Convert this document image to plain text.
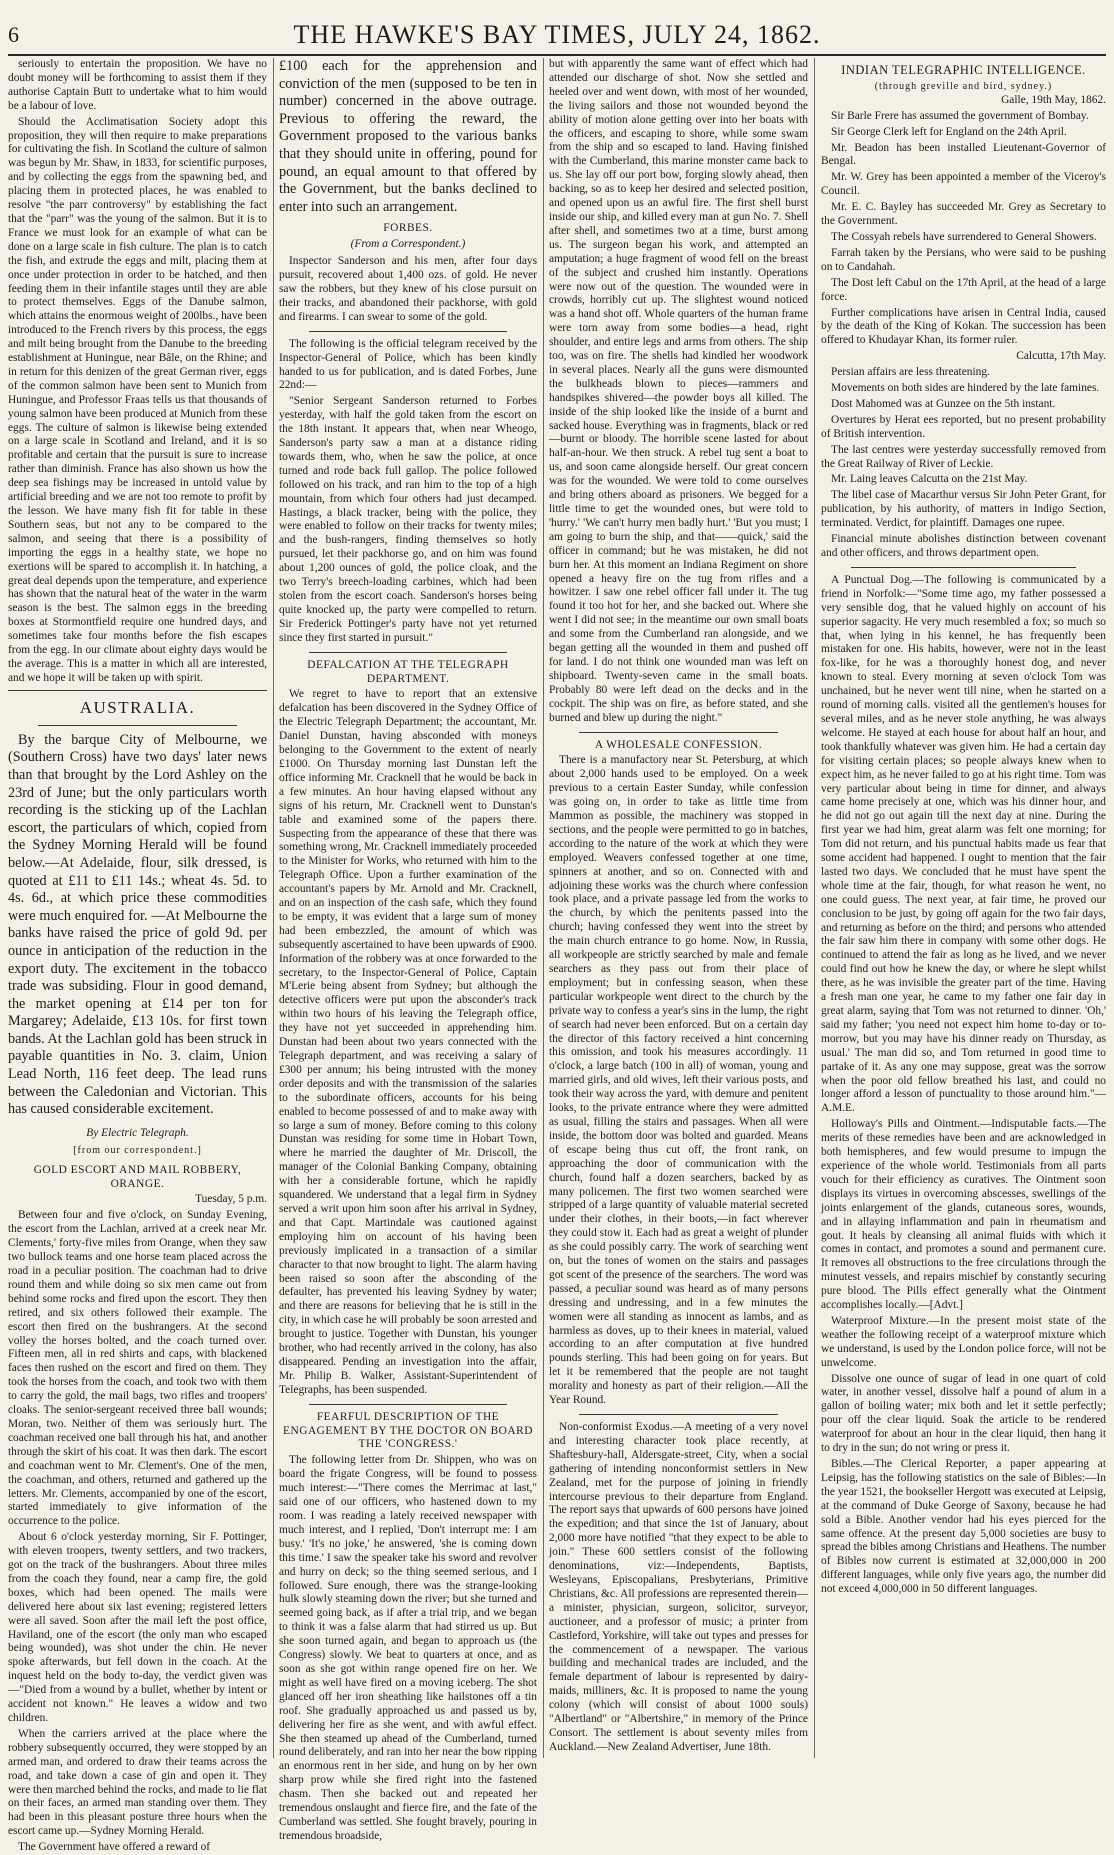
6	THE HAWKE'S BAY TIMES, JULY 24, 1862.

seriously to entertain the proposition. We have no doubt money will be forthcoming to assist them if they authorise Captain Butt to undertake what to him would be a labour of love.

Should the Acclimatisation Society adopt this proposition, they will then require to make preparations for cultivating the fish. In Scotland the culture of salmon was begun by Mr. Shaw, in 1833, for scientific purposes, and by collecting the eggs from the spawning bed, and placing them in protected places, he was enabled to resolve "the parr controversy" by establishing the fact that the "parr" was the young of the salmon. But it is to France we must look for an example of what can be done on a large scale in fish culture. The plan is to catch the fish, and extrude the eggs and milt, placing them at once under protection in order to be hatched, and then feeding them in their infantile stages until they are able to protect themselves. Eggs of the Danube salmon, which attains the enormous weight of 200lbs., have been introduced to the French rivers by this process, the eggs and milt being brought from the Danube to the breeding establishment at Huningue, near Bâle, on the Rhine; and in return for this denizen of the great German river, eggs of the common salmon have been sent to Munich from Huningue, and Professor Fraas tells us that thousands of young salmon have been produced at Munich from these eggs. The culture of salmon is likewise being extended on a large scale in Scotland and Ireland, and it is so profitable and certain that the pursuit is sure to increase rather than diminish. France has also shown us how the deep sea fishings may be increased in untold value by artificial breeding and we are not too remote to profit by the lesson. We have many fish fit for table in these Southern seas, but not any to be compared to the salmon, and seeing that there is a possibility of importing the eggs in a healthy state, we hope no exertions will be spared to accomplish it. In hatching, a great deal depends upon the temperature, and experience has shown that the natural heat of the water in the warm season is the best. The salmon eggs in the breeding boxes at Stormontfield require one hundred days, and sometimes take four months before the fish escapes from the egg. In our climate about eighty days would be the average. This is a matter in which all are interested, and we hope it will be taken up with spirit.

AUSTRALIA.

By the barque City of Melbourne, we (Southern Cross) have two days' later news than that brought by the Lord Ashley on the 23rd of June; but the only particulars worth recording is the sticking up of the Lachlan escort, the particulars of which, copied from the Sydney Morning Herald will be found below.—At Adelaide, flour, silk dressed, is quoted at £11 to £11 14s.; wheat 4s. 5d. to 4s. 6d., at which price these commodities were much enquired for. —At Melbourne the banks have raised the price of gold 9d. per ounce in anticipation of the reduction in the export duty. The excitement in the tobacco trade was subsiding. Flour in good demand, the market opening at £14 per ton for Margarey; Adelaide, £13 10s. for first town bands. At the Lachlan gold has been struck in payable quantities in No. 3. claim, Union Lead North, 116 feet deep. The lead runs between the Caledonian and Victorian. This has caused considerable excitement.

By Electric Telegraph.
[from our correspondent.]
GOLD ESCORT AND MAIL ROBBERY, ORANGE.

Tuesday, 5 p.m.

Between four and five o'clock, on Sunday Evening, the escort from the Lachlan, arrived at a creek near Mr. Clements,' forty-five miles from Orange, when they saw two bullock teams and one horse team placed across the road in a peculiar position. The coachman had to drive round them and while doing so six men came out from behind some rocks and fired upon the escort. They then retired, and six others followed their example. The escort then fired on the bushrangers. At the second volley the horses bolted, and the coach turned over. Fifteen men, all in red shirts and caps, with blackened faces then rushed on the escort and fired on them. They took the horses from the coach, and took two with them to carry the gold, the mail bags, two rifles and troopers' cloaks. The senior-sergeant received three ball wounds; Moran, two. Neither of them was seriously hurt. The coachman received one ball through his hat, and another through the skirt of his coat. It was then dark. The escort and coachman went to Mr. Clement's. One of the men, the coachman, and others, returned and gathered up the letters. Mr. Clements, accompanied by one of the escort, started immediately to give information of the occurrence to the police.

About 6 o'clock yesterday morning, Sir F. Pottinger, with eleven troopers, twenty settlers, and two trackers, got on the track of the bushrangers. About three miles from the coach they found, near a camp fire, the gold boxes, which had been opened. The mails were delivered here about six last evening; registered letters were all saved. Soon after the mail left the post office, Haviland, one of the escort (the only man who escaped being wounded), was shot under the chin. He never spoke afterwards, but fell down in the coach. At the inquest held on the body to-day, the verdict given was—"Died from a wound by a bullet, whether by intent or accident not known." He leaves a widow and two children.

When the carriers arrived at the place where the robbery subsequently occurred, they were stopped by an armed man, and ordered to draw their teams across the road, and take down a case of gin and open it. They were then marched behind the rocks, and made to lie flat on their faces, an armed man standing over them. They had been in this pleasant posture three hours when the escort came up.—Sydney Morning Herald.

The Government have offered a reward of

£100 each for the apprehension and conviction of the men (supposed to be ten in number) concerned in the above outrage. Previous to offering the reward, the Government proposed to the various banks that they should unite in offering, pound for pound, an equal amount to that offered by the Government, but the banks declined to enter into such an arrangement.

FORBES.
(From a Correspondent.)

Inspector Sanderson and his men, after four days pursuit, recovered about 1,400 ozs. of gold. He never saw the robbers, but they knew of his close pursuit on their tracks, and abandoned their packhorse, with gold and firearms. I can swear to some of the gold.

The following is the official telegram received by the Inspector-General of Police, which has been kindly handed to us for publication, and is dated Forbes, June 22nd:—

"Senior Sergeant Sanderson returned to Forbes yesterday, with half the gold taken from the escort on the 18th instant. It appears that, when near Wheogo, Sanderson's party saw a man at a distance riding towards them, who, when he saw the police, at once turned and rode back full gallop. The police followed followed on his track, and ran him to the top of a high mountain, from which four others had just decamped. Hastings, a black tracker, being with the police, they were enabled to follow on their tracks for twenty miles; and the bush-rangers, finding themselves so hotly pursued, let their packhorse go, and on him was found about 1,200 ounces of gold, the police cloak, and the two Terry's breech-loading carbines, which had been stolen from the escort coach. Sanderson's horses being quite knocked up, the party were compelled to return. Sir Frederick Pottinger's party have not yet returned since they first started in pursuit."

DEFALCATION AT THE TELEGRAPH DEPARTMENT.

We regret to have to report that an extensive defalcation has been discovered in the Sydney Office of the Electric Telegraph Department; the accountant, Mr. Daniel Dunstan, having absconded with moneys belonging to the Government to the extent of nearly £1000. On Thursday morning last Dunstan left the office informing Mr. Cracknell that he would be back in a few minutes. An hour having elapsed without any signs of his return, Mr. Cracknell went to Dunstan's table and examined some of the papers there. Suspecting from the appearance of these that there was something wrong, Mr. Cracknell immediately proceeded to the Minister for Works, who returned with him to the Telegraph Office. Upon a further examination of the accountant's papers by Mr. Arnold and Mr. Cracknell, and on an inspection of the cash safe, which they found to be empty, it was evident that a large sum of money had been embezzled, the amount of which was subsequently ascertained to have been upwards of £900. Information of the robbery was at once forwarded to the secretary, to the Inspector-General of Police, Captain M'Lerie being absent from Sydney; but although the detective officers were put upon the absconder's track within two hours of his leaving the Telegraph office, they have not yet succeeded in apprehending him. Dunstan had been about two years connected with the Telegraph department, and was receiving a salary of £300 per annum; his being intrusted with the money order deposits and with the transmission of the salaries to the subordinate officers, accounts for his being enabled to become possessed of and to make away with so large a sum of money. Before coming to this colony Dunstan was residing for some time in Hobart Town, where he married the daughter of Mr. Driscoll, the manager of the Colonial Banking Company, obtaining with her a considerable fortune, which he rapidly squandered. We understand that a legal firm in Sydney served a writ upon him soon after his arrival in Sydney, and that Capt. Martindale was cautioned against employing him on account of his having been previously implicated in a transaction of a similar character to that now brought to light. The alarm having been raised so soon after the absconding of the defaulter, has prevented his leaving Sydney by water; and there are reasons for believing that he is still in the city, in which case he will probably be soon arrested and brought to justice. Together with Dunstan, his younger brother, who had recently arrived in the colony, has also disappeared. Pending an investigation into the affair, Mr. Philip B. Walker, Assistant-Superintendent of Telegraphs, has been suspended.

FEARFUL DESCRIPTION OF THE ENGAGEMENT BY THE DOCTOR ON BOARD THE 'CONGRESS.'

The following letter from Dr. Shippen, who was on board the frigate Congress, will be found to possess much interest:—"There comes the Merrimac at last," said one of our officers, who hastened down to my room. I was reading a lately received newspaper with much interest, and I replied, 'Don't interrupt me: I am busy.' 'It's no joke,' he answered, 'she is coming down this time.' I saw the speaker take his sword and revolver and hurry on deck; so the thing seemed serious, and I followed. Sure enough, there was the strange-looking hulk slowly steaming down the river; but she turned and seemed going back, as if after a trial trip, and we began to think it was a false alarm that had stirred us up. But she soon turned again, and began to approach us (the Congress) slowly. We beat to quarters at once, and as soon as she got within range opened fire on her. We might as well have fired on a moving iceberg. The shot glanced off her iron sheathing like hailstones off a tin roof. She gradually approached us and passed us by, delivering her fire as she went, and with awful effect. She then steamed up ahead of the Cumberland, turned round deliberately, and ran into her near the bow ripping an enormous rent in her side, and hung on by her own sharp prow while she fired right into the fastened chasm. Then she backed out and repeated her tremendous onslaught and fierce fire, and the fate of the Cumberland was settled. She fought bravely, pouring in tremendous broadside,

but with apparently the same want of effect which had attended our discharge of shot. Now she settled and heeled over and went down, with most of her wounded, the living sailors and those not wounded beyond the ability of motion alone getting over into her boats with the officers, and escaping to shore, while some swam from the ship and so escaped to land. Having finished with the Cumberland, this marine monster came back to us. She lay off our port bow, forging slowly ahead, then backing, so as to keep her desired and selected position, and opened upon us an awful fire. The first shell burst inside our ship, and killed every man at gun No. 7. Shell after shell, and sometimes two at a time, burst among us. The surgeon began his work, and attempted an amputation; a huge fragment of wood fell on the breast of the subject and crushed him instantly. Operations were now out of the question. The wounded were in crowds, horribly cut up. The slightest wound noticed was a hand shot off. Whole quarters of the human frame were torn away from some bodies—a head, right shoulder, and entire legs and arms from others. The ship too, was on fire. The shells had kindled her woodwork in several places. Nearly all the guns were dismounted the bulkheads blown to pieces—rammers and handspikes shivered—the powder boys all killed. The inside of the ship looked like the inside of a burnt and sacked house. Everything was in fragments, black or red—burnt or bloody. The horrible scene lasted for about half-an-hour. We then struck. A rebel tug sent a boat to us, and soon came alongside herself. Our great concern was for the wounded. We were told to come ourselves and bring others aboard as prisoners. We begged for a little time to get the wounded ones, but were told to 'hurry.' 'We can't hurry men badly hurt.' 'But you must; I am going to burn the ship, and that——quick,' said the officer in command; but he was mistaken, he did not burn her. At this moment an Indiana Regiment on shore opened a heavy fire on the tug from rifles and a howitzer. I saw one rebel officer fall under it. The tug found it too hot for her, and she backed out. Where she went I did not see; in the meantime our own small boats and some from the Cumberland ran alongside, and we began getting all the wounded in them and pushed off for land. I do not think one wounded man was left on shipboard. Twenty-seven came in the small boats. Probably 80 were left dead on the decks and in the cockpit. The ship was on fire, as before stated, and she burned and blew up during the night."

A WHOLESALE CONFESSION.

There is a manufactory near St. Petersburg, at which about 2,000 hands used to be employed. On a week previous to a certain Easter Sunday, while confession was going on, in order to take as little time from Mammon as possible, the machinery was stopped in sections, and the people were permitted to go in batches, according to the nature of the work at which they were employed. Weavers confessed together at one time, spinners at another, and so on. Connected with and adjoining these works was the church where confession took place, and a private passage led from the works to the church, by which the penitents passed into the church; having confessed they went into the street by the main church entrance to go home. Now, in Russia, all workpeople are strictly searched by male and female searchers as they pass out from their place of employment; but in confessing season, when these particular workpeople went direct to the church by the private way to confess a year's sins in the lump, the right of search had never been enforced. But on a certain day the director of this factory received a hint concerning this omission, and took his measures accordingly. 11 o'clock, a large batch (100 in all) of woman, young and married girls, and old wives, left their various posts, and took their way across the yard, with demure and penitent looks, to the private entrance where they were admitted as usual, filling the stairs and passages. When all were inside, the bottom door was bolted and guarded. Means of escape being thus cut off, the front rank, on approaching the door of communication with the church, found half a dozen searchers, backed by as many policemen. The first two women searched were stripped of a large quantity of valuable material secreted under their clothes, in their boots,—in fact wherever they could stow it. Each had as great a weight of plunder as she could possibly carry. The work of searching went on, but the tones of women on the stairs and passages got scent of the presence of the searchers. The word was passed, a peculiar sound was heard as of many persons dressing and undressing, and in a few minutes the women were all standing as innocent as lambs, and as harmless as doves, up to their knees in material, valued according to an after computation at five hundred pounds sterling. This had been going on for years. But let it be remembered that the people are not taught morality and honesty as part of their religion.—All the Year Round.

Non-conformist Exodus.—A meeting of a very novel and interesting character took place recently, at Shaftesbury-hall, Aldersgate-street, City, when a social gathering of intending nonconformist settlers in New Zealand, met for the purpose of joining in friendly intercourse previous to their departure from England. The report says that upwards of 600 persons have joined the expedition; and that since the 1st of January, about 2,000 more have notified "that they expect to be able to join." These 600 settlers consist of the following denominations, viz:—Independents, Baptists, Wesleyans, Episcopalians, Presbyterians, Primitive Christians, &c. All professions are represented therein—a minister, physician, surgeon, solicitor, surveyor, auctioneer, and a professor of music; a printer from Castleford, Yorkshire, will take out types and presses for the commencement of a newspaper. The various building and mechanical trades are included, and the female department of labour is represented by dairy-maids, milliners, &c. It is proposed to name the young colony (which will consist of about 1000 souls) "Albertland" or "Albertshire," in memory of the Prince Consort. The settlement is about seventy miles from Auckland.—New Zealand Advertiser, June 18th.

INDIAN TELEGRAPHIC INTELLIGENCE.
(through greville and bird, sydney.)

Galle, 19th May, 1862.

Sir Barle Frere has assumed the government of Bombay.

Sir George Clerk left for England on the 24th April.

Mr. Beadon has been installed Lieutenant-Governor of Bengal.

Mr. W. Grey has been appointed a member of the Viceroy's Council.

Mr. E. C. Bayley has succeeded Mr. Grey as Secretary to the Government.

The Cossyah rebels have surrendered to General Showers.

Farrah taken by the Persians, who were said to be pushing on to Candahah.

The Dost left Cabul on the 17th April, at the head of a large force.

Further complications have arisen in Central India, caused by the death of the King of Kokan. The succession has been offered to Khudayar Khan, its former ruler.

Calcutta, 17th May.

Persian affairs are less threatening.

Movements on both sides are hindered by the late famines.

Dost Mahomed was at Gunzee on the 5th instant.

Overtures by Herat ees reported, but no present probability of British intervention.

The last centres were yesterday successfully removed from the Great Railway of River of Leckie.

Mr. Laing leaves Calcutta on the 21st May.

The libel case of Macarthur versus Sir John Peter Grant, for publication, by his authority, of matters in Indigo Section, terminated. Verdict, for plaintiff. Damages one rupee.

Financial minute abolishes distinction between covenant and other officers, and throws department open.

A Punctual Dog.—The following is communicated by a friend in Norfolk:—"Some time ago, my father possessed a very sensible dog, that he valued highly on account of his superior sagacity. He very much resembled a fox; so much so that, when lying in his kennel, he has frequently been mistaken for one. His habits, however, were not in the least fox-like, for he was a thoroughly honest dog, and never known to steal. Every morning at seven o'clock Tom was unchained, but he never went till nine, when he started on a round of morning calls. visited all the gentlemen's houses for several miles, and as he never stole anything, he was always welcome. He stayed at each house for about half an hour, and took thankfully whatever was given him. He had a certain day for visiting certain places; so people always knew when to expect him, as he never failed to go at his right time. Tom was very particular about being in time for dinner, and always came home precisely at one, which was his dinner hour, and he did not go out again till the next day at nine. During the first year we had him, great alarm was felt one morning; for Tom did not return, and his punctual habits made us fear that some accident had happened. I ought to mention that the fair lasted two days. We concluded that he must have spent the whole time at the fair, though, for what reason he went, no one could guess. The next year, at fair time, he proved our conclusion to be just, by going off again for the two fair days, and returning as before on the third; and persons who attended the fair saw him there in company with some other dogs. He continued to attend the fair as long as he lived, and we never could find out how he knew the day, or where he slept whilst there, as he was invisible the greater part of the time. Having a fresh man one year, he came to my father one fair day in great alarm, saying that Tom was not returned to dinner. 'Oh,' said my father; 'you need not expect him home to-day or to-morrow, but you may have his dinner ready on Thursday, as usual.' The man did so, and Tom returned in good time to partake of it. As any one may suppose, great was the sorrow when the poor old fellow breathed his last, and could no longer afford a lesson of punctuality to those around him."—A.M.E.

Holloway's Pills and Ointment.—Indisputable facts.—The merits of these remedies have been and are acknowledged in both hemispheres, and few would presume to impugn the experience of the whole world. Testimonials from all parts vouch for their efficiency as curatives. The Ointment soon displays its virtues in overcoming abscesses, swellings of the joints enlargement of the glands, cutaneous sores, wounds, and in allaying inflammation and pain in rheumatism and gout. It heals by cleansing all animal fluids with which it comes in contact, and promotes a sound and permanent cure. It removes all obstructions to the free circulations through the minutest vessels, and repairs mischief by constantly securing pure blood. The Pills effect generally what the Ointment accomplishes locally.—[Advt.]

Waterproof Mixture.—In the present moist state of the weather the following receipt of a waterproof mixture which we understand, is used by the London police force, will not be unwelcome.

Dissolve one ounce of sugar of lead in one quart of cold water, in another vessel, dissolve half a pound of alum in a gallon of boiling water; mix both and let it settle perfectly; pour off the clear liquid. Soak the article to be rendered waterproof for about an hour in the clear liquid, then hang it to dry in the sun; do not wring or press it.

Bibles.—The Clerical Reporter, a paper appearing at Leipsig, has the following statistics on the sale of Bibles:—In the year 1521, the bookseller Hergott was executed at Leipsig, at the command of Duke George of Saxony, because he had sold a Bible. Another vendor had his eyes pierced for the same offence. At the present day 5,000 societies are busy to spread the bibles among Christians and Heathens. The number of Bibles now current is estimated at 32,000,000 in 200 different languages, while only five years ago, the number did not exceed 4,000,000 in 50 different languages.
